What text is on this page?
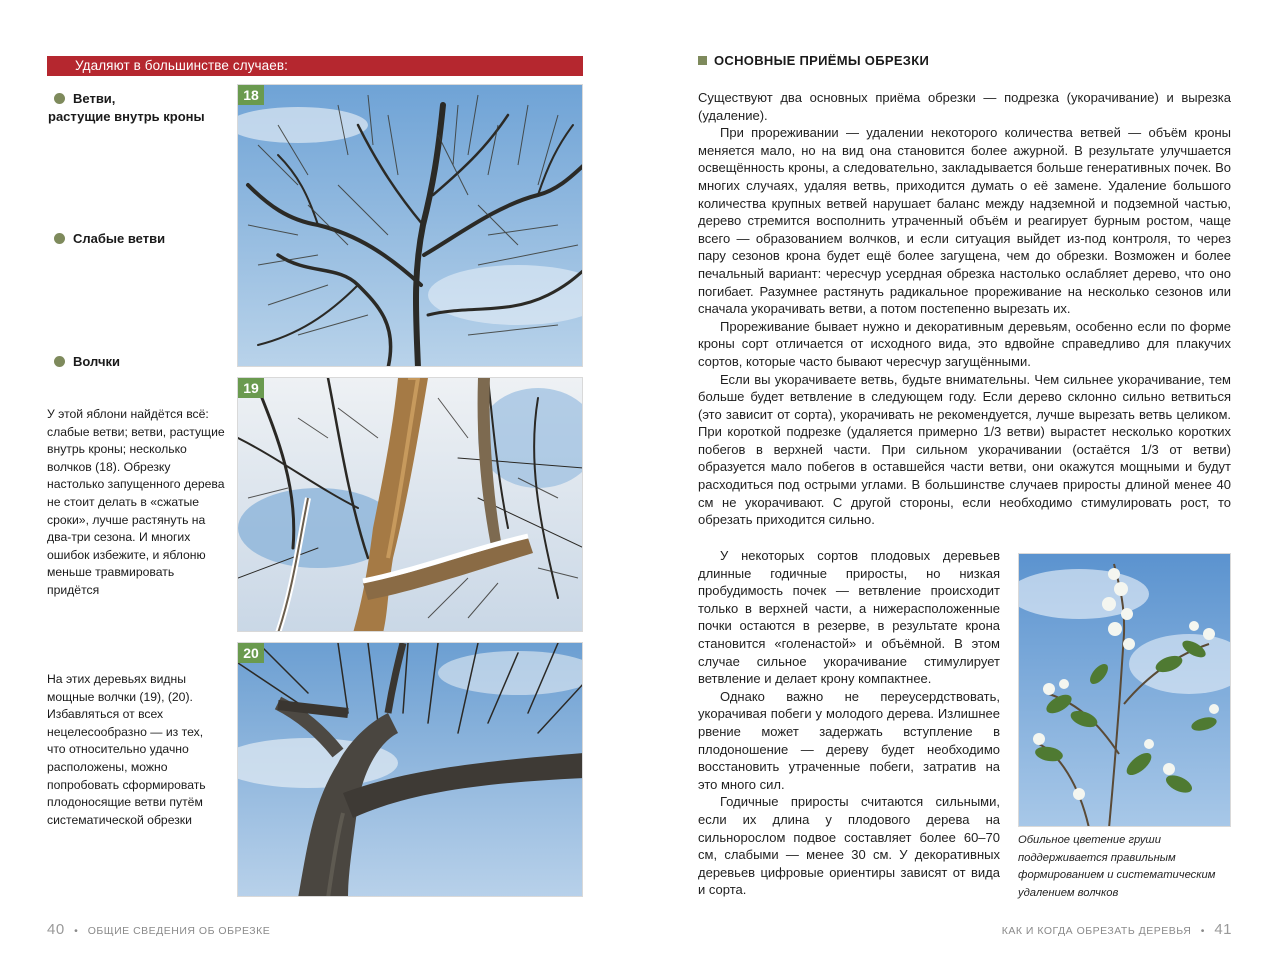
Удаляют в большинстве случаев:
Ветви,
растущие внутрь кроны
Слабые ветви
Волчки

У этой яблони найдётся всё: слабые ветви; ветви, растущие внутрь кроны; несколько волчков (18). Обрезку настолько запущенного дерева не стоит делать в «сжатые сроки», лучше растянуть на два-три сезона. И многих ошибок избежите, и яблоню меньше травмировать придётся

На этих деревьях видны мощные волчки (19), (20). Избавляться от всех нецелесообразно — из тех, что относительно удачно расположены, можно попробовать сформировать плодоносящие ветви путём систематической обрезки

18
19
20
40 • ОБЩИЕ СВЕДЕНИЯ ОБ ОБРЕЗКЕ
ОСНОВНЫЕ ПРИЁМЫ ОБРЕЗКИ

Существуют два основных приёма обрезки — подрезка (укорачивание) и вырезка (удаление).

При прореживании — удалении некоторого количества ветвей — объём кроны меняется мало, но на вид она становится более ажурной. В результате улучшается освещённость кроны, а следовательно, закладывается больше генеративных почек. Во многих случаях, удаляя ветвь, приходится думать о её замене. Удаление большого количества крупных ветвей нарушает баланс между надземной и подземной частью, дерево стремится восполнить утраченный объём и реагирует бурным ростом, чаще всего — образованием волчков, и если ситуация выйдет из-под контроля, то через пару сезонов крона будет ещё более загущена, чем до обрезки. Возможен и более печальный вариант: чересчур усердная обрезка настолько ослабляет дерево, что оно погибает. Разумнее растянуть радикальное прореживание на несколько сезонов или сначала укорачивать ветви, а потом постепенно вырезать их.

Прореживание бывает нужно и декоративным деревьям, особенно если по форме кроны сорт отличается от исходного вида, это вдвойне справедливо для плакучих сортов, которые часто бывают чересчур загущёнными.

Если вы укорачиваете ветвь, будьте внимательны. Чем сильнее укорачивание, тем больше будет ветвление в следующем году. Если дерево склонно сильно ветвиться (это зависит от сорта), укорачивать не рекомендуется, лучше вырезать ветвь целиком. При короткой подрезке (удаляется примерно 1/3 ветви) вырастет несколько коротких побегов в верхней части. При сильном укорачивании (остаётся 1/3 от ветви) образуется мало побегов в оставшейся части ветви, они окажутся мощными и будут расходиться под острыми углами. В большинстве случаев приросты длиной менее 40 см не укорачивают. С другой стороны, если необходимо стимулировать рост, то обрезать приходится сильно.

У некоторых сортов плодовых деревьев длинные годичные приросты, но низкая пробудимость почек — ветвление происходит только в верхней части, а нижерасположенные почки остаются в резерве, в результате крона становится «голенастой» и объёмной. В этом случае сильное укорачивание стимулирует ветвление и делает крону компактнее.

Однако важно не переусердствовать, укорачивая побеги у молодого дерева. Излишнее рвение может задержать вступление в плодоношение — дереву будет необходимо восстановить утраченные побеги, затратив на это много сил.

Годичные приросты считаются сильными, если их длина у плодового дерева на сильнорослом подвое составляет более 60–70 см, слабыми — менее 30 см. У декоративных деревьев цифровые ориентиры зависят от вида и сорта.

Обильное цветение груши поддерживается правильным формированием и систематическим удалением волчков
КАК И КОГДА ОБРЕЗАТЬ ДЕРЕВЬЯ • 41
